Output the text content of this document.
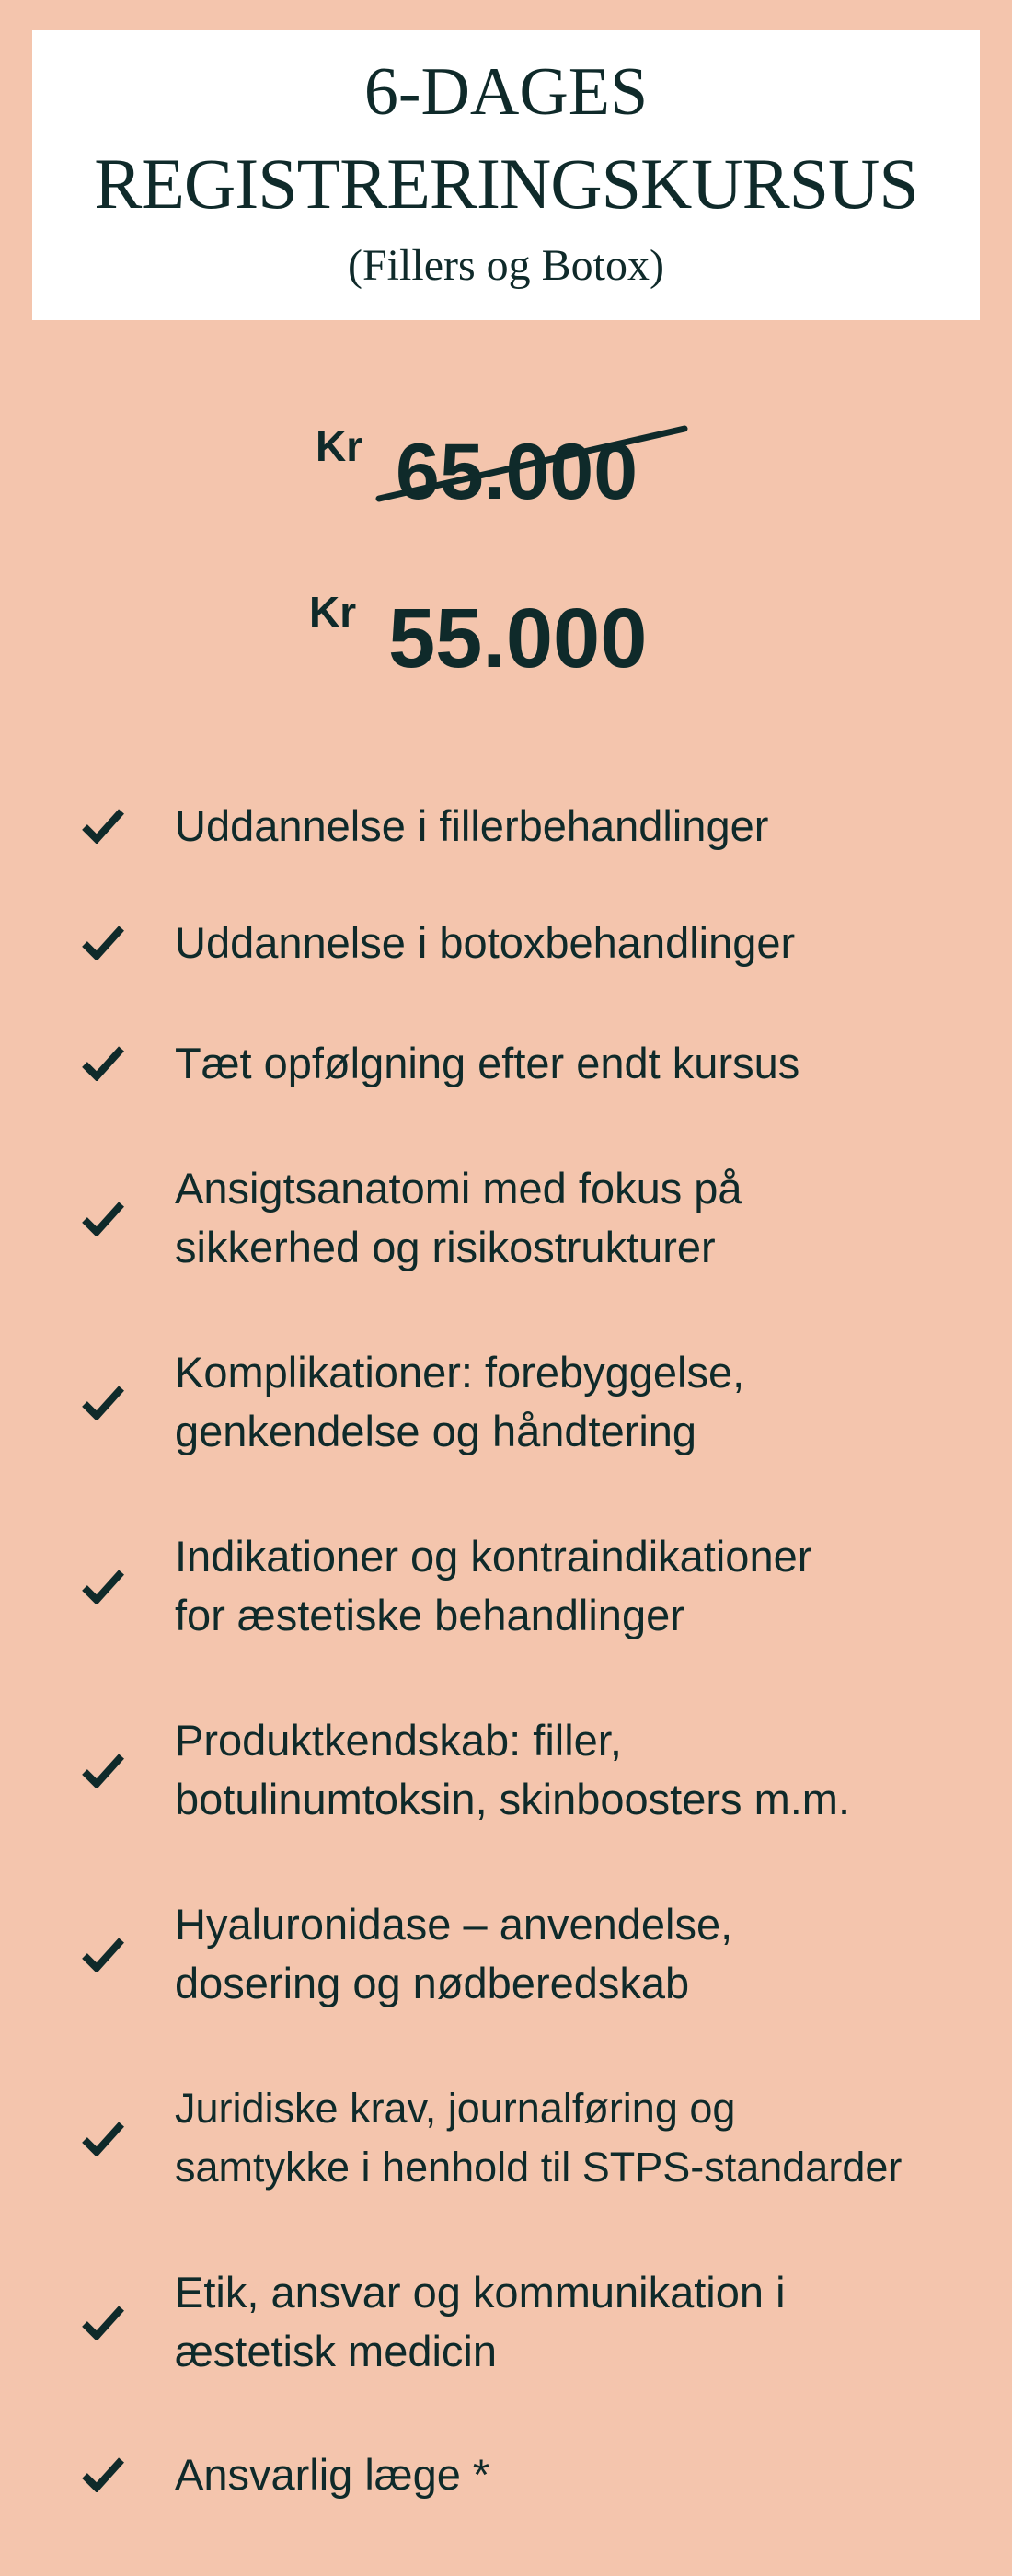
6-DAGES
REGISTRERINGSKURSUS
(Fillers og Botox)
Kr 65.000
Kr 55.000
Uddannelse i fillerbehandlinger
Uddannelse i botoxbehandlinger
Tæt opfølgning efter endt kursus
Ansigtsanatomi med fokus på
sikkerhed og risikostrukturer
Komplikationer: forebyggelse,
genkendelse og håndtering
Indikationer og kontraindikationer
for æstetiske behandlinger
Produktkendskab: filler,
botulinumtoksin, skinboosters m.m.
Hyaluronidase – anvendelse,
dosering og nødberedskab
Juridiske krav, journalføring og
samtykke i henhold til STPS-standarder
Etik, ansvar og kommunikation i
æstetisk medicin
Ansvarlig læge *
